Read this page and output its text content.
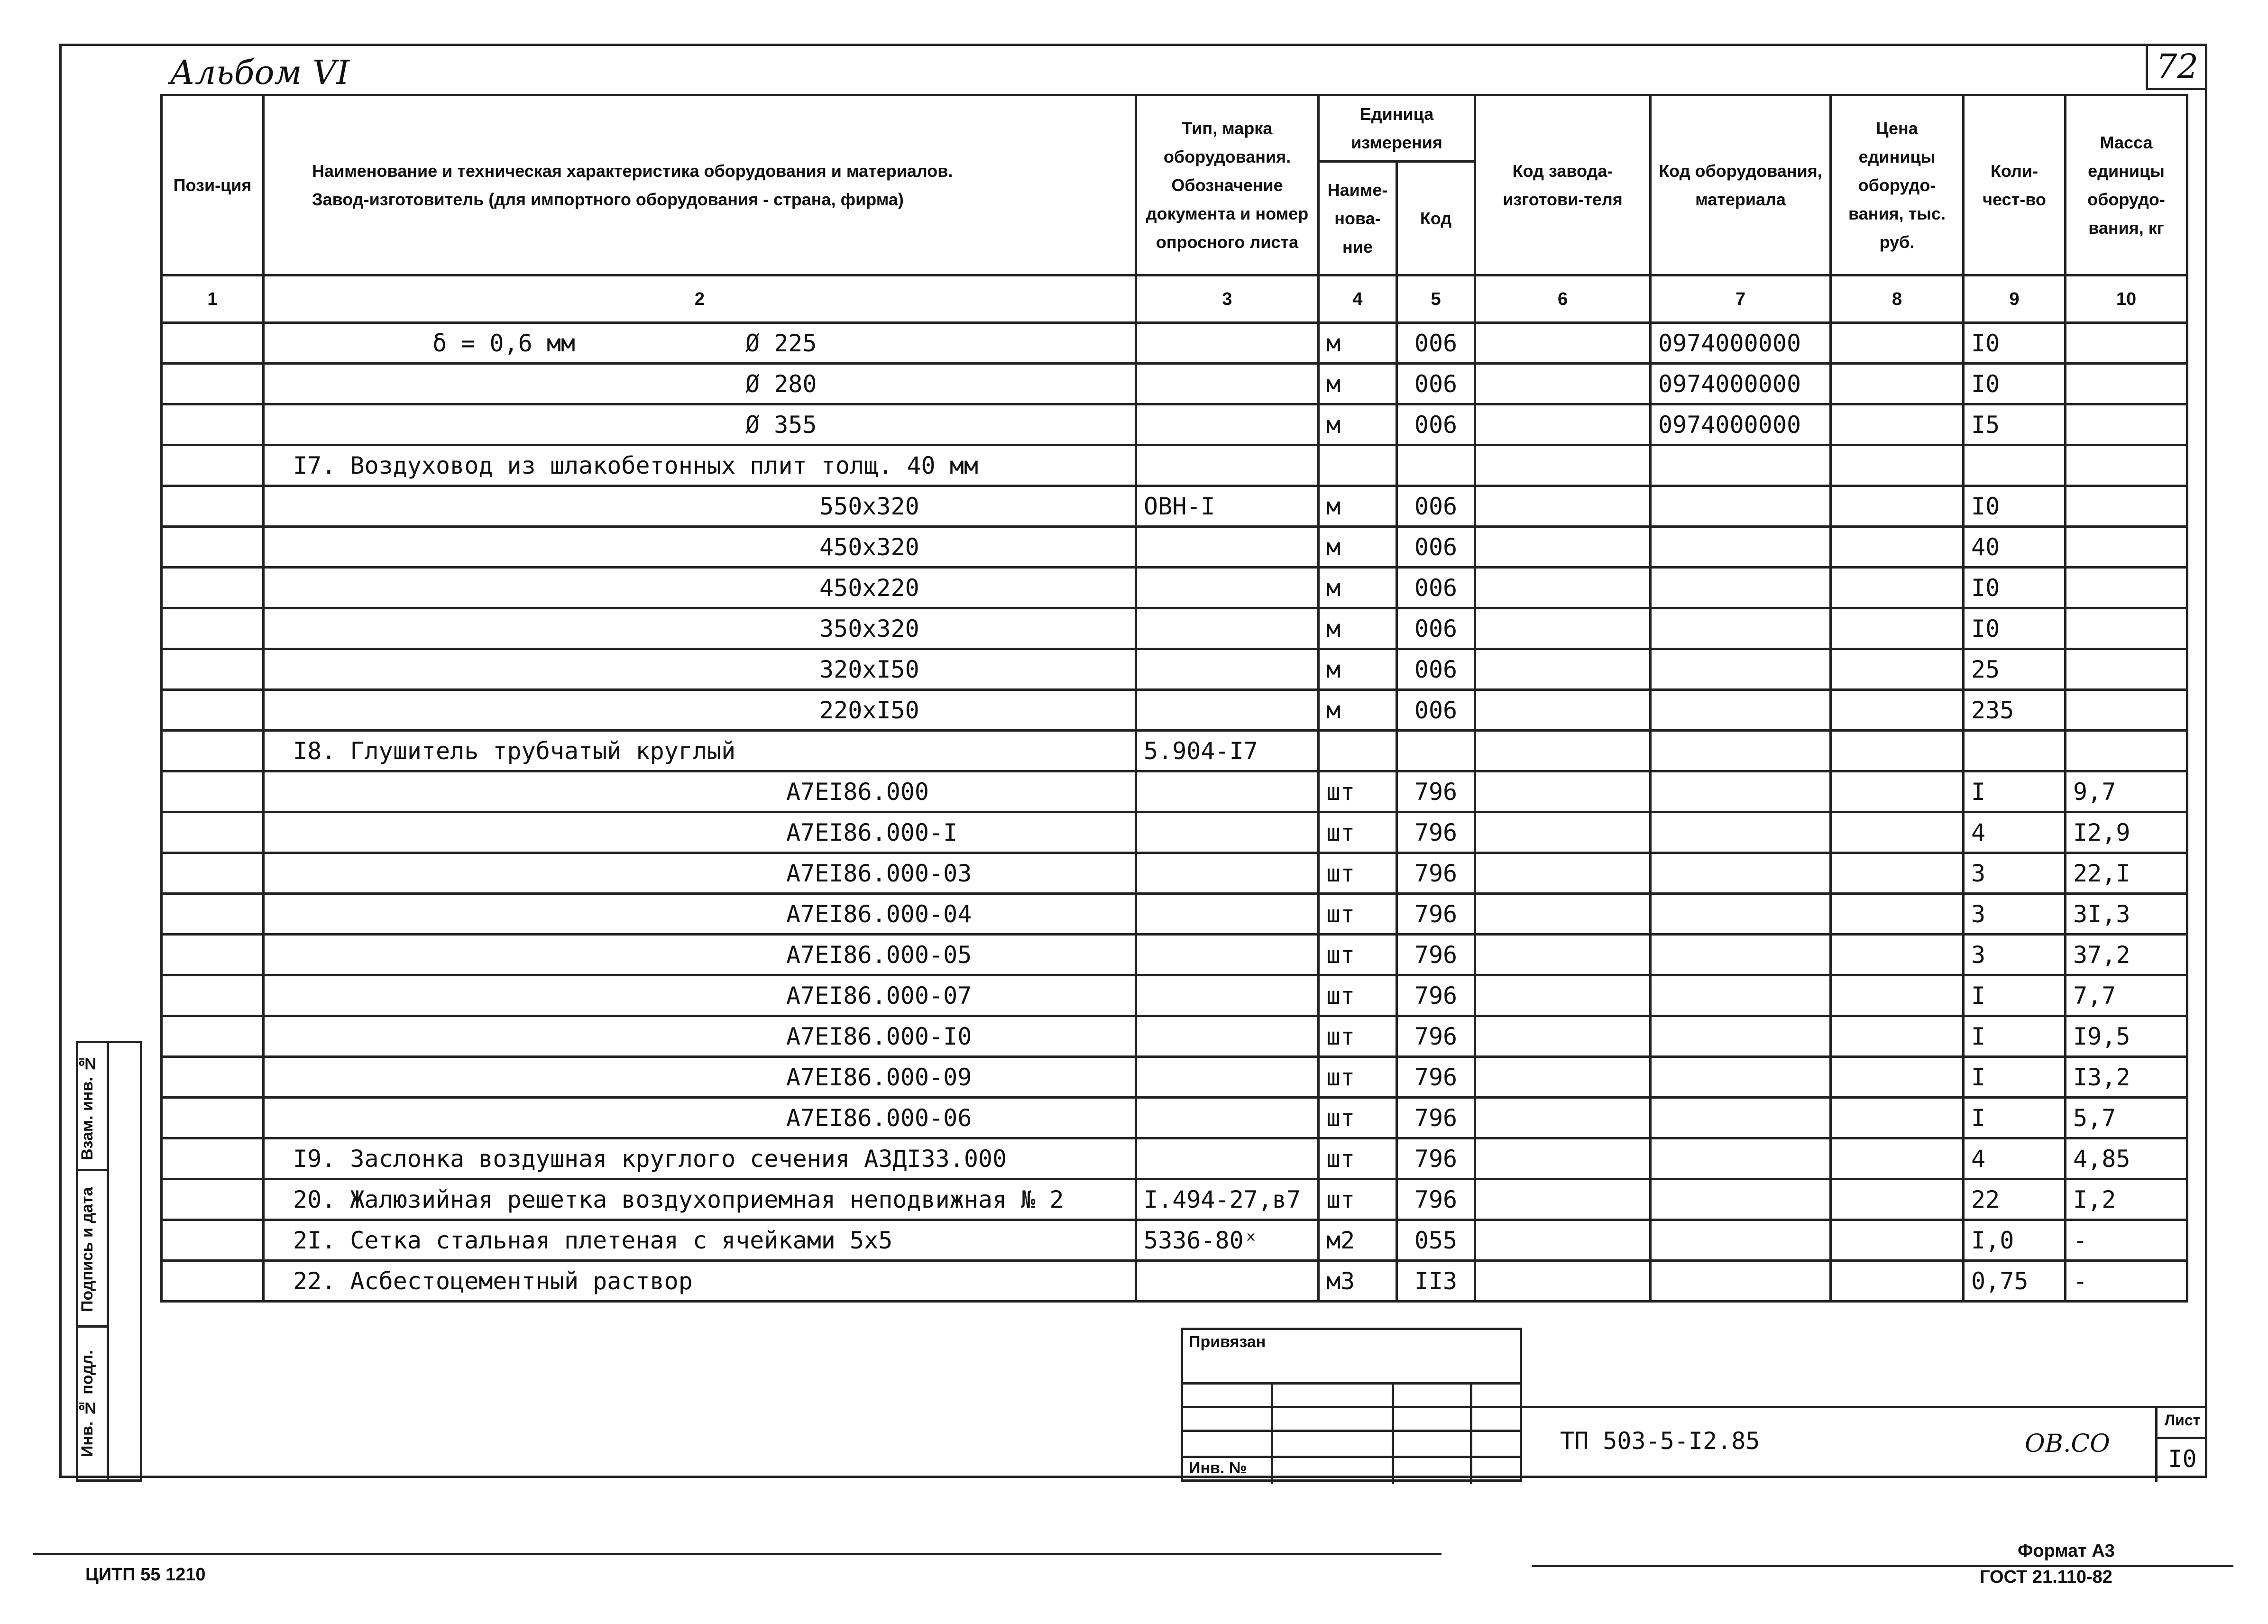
Альбом VI	72
Пози-ция	Наименование и техническая характеристика оборудования и материалов.
Завод-изготовитель (для импортного оборудования - страна, фирма)	Тип, марка оборудования. Обозначение документа и номер опросного листа	Единица измерения		Код завода-изготови-теля	Код оборудования, материала	Цена единицы оборудо-вания, тыс. руб.	Коли-чест-во	Масса единицы оборудо-вания, кг
			Наиме-нова-ние	Код					
1	2	3	4	5	6	7	8	9	10
	δ = 0,6 мм Ø 225		м	006		0974000000		I0	
	Ø 280		м	006		0974000000		I0	
	Ø 355		м	006		0974000000		I5	
	I7. Воздуховод из шлакобетонных плит толщ. 40 мм								
	550xЗ20	ОВН-I	м	006				I0	
	450xЗ20		м	006				40	
	450x220		м	006				I0	
	350xЗ20		м	006				I0	
	З20xI50		м	006				25	
	220xI50		м	006				235	
	I8. Глушитель трубчатый круглый	5.904-I7							
	А7ЕI86.000		шт	796				I	9,7
	А7ЕI86.000-I		шт	796				4	I2,9
	А7ЕI86.000-03		шт	796				3	22,I
	А7ЕI86.000-04		шт	796				3	3I,3
	А7ЕI86.000-05		шт	796				3	37,2
	А7ЕI86.000-07		шт	796				I	7,7
	А7ЕI86.000-I0		шт	796				I	I9,5
	А7ЕI86.000-09		шт	796				I	I3,2
	А7ЕI86.000-06		шт	796				I	5,7
	I9. Заслонка воздушная круглого сечения АЗДI33.000		шт	796				4	4,85
	20. Жалюзийная решетка воздухоприемная неподвижная № 2	I.494-27,в7	шт	796				22	I,2
	2I. Сетка стальная плетеная с ячейками 5x5	5336-80ˣ	м2	055				I,0	-
	22. Асбестоцементный раствор		м3	II3				0,75	-
Взам. инв. №
Подпись и дата
Инв. № подл.
Привязан
Инв. №
ТП 503-5-I2.85	ОВ.СО
Лист
I0
ЦИТП 55 1210
Формат А3
ГОСТ 21.110-82
